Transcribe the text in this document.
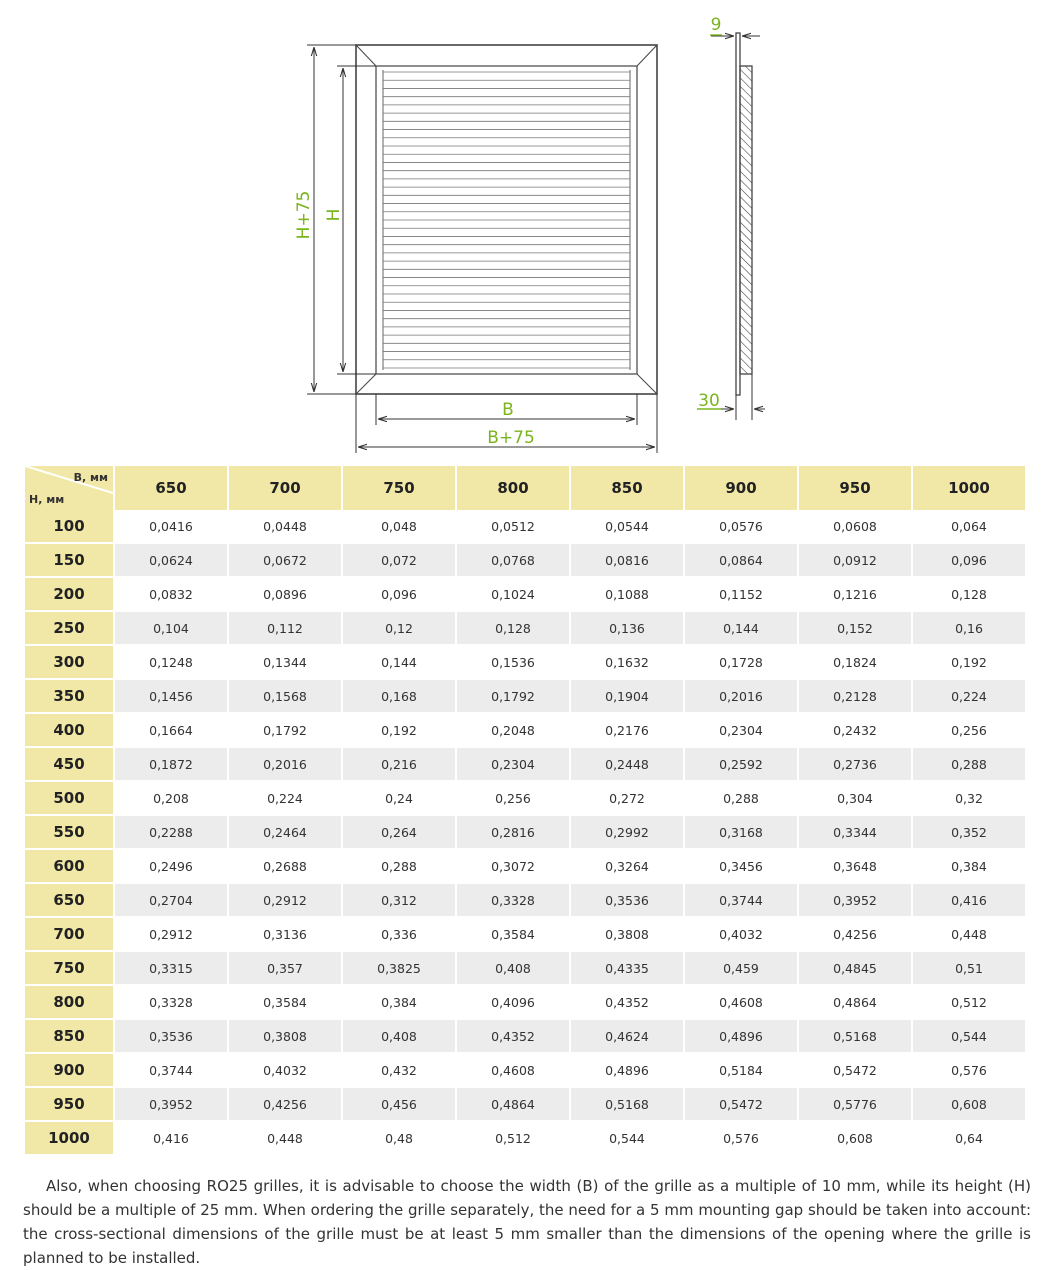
H+75 H
B
B+75
9
30
B, мм
H, мм	650	700	750	800	850	900	950	1000
100	0,0416	0,0448	0,048	0,0512	0,0544	0,0576	0,0608	0,064
150	0,0624	0,0672	0,072	0,0768	0,0816	0,0864	0,0912	0,096
200	0,0832	0,0896	0,096	0,1024	0,1088	0,1152	0,1216	0,128
250	0,104	0,112	0,12	0,128	0,136	0,144	0,152	0,16
300	0,1248	0,1344	0,144	0,1536	0,1632	0,1728	0,1824	0,192
350	0,1456	0,1568	0,168	0,1792	0,1904	0,2016	0,2128	0,224
400	0,1664	0,1792	0,192	0,2048	0,2176	0,2304	0,2432	0,256
450	0,1872	0,2016	0,216	0,2304	0,2448	0,2592	0,2736	0,288
500	0,208	0,224	0,24	0,256	0,272	0,288	0,304	0,32
550	0,2288	0,2464	0,264	0,2816	0,2992	0,3168	0,3344	0,352
600	0,2496	0,2688	0,288	0,3072	0,3264	0,3456	0,3648	0,384
650	0,2704	0,2912	0,312	0,3328	0,3536	0,3744	0,3952	0,416
700	0,2912	0,3136	0,336	0,3584	0,3808	0,4032	0,4256	0,448
750	0,3315	0,357	0,3825	0,408	0,4335	0,459	0,4845	0,51
800	0,3328	0,3584	0,384	0,4096	0,4352	0,4608	0,4864	0,512
850	0,3536	0,3808	0,408	0,4352	0,4624	0,4896	0,5168	0,544
900	0,3744	0,4032	0,432	0,4608	0,4896	0,5184	0,5472	0,576
950	0,3952	0,4256	0,456	0,4864	0,5168	0,5472	0,5776	0,608
1000	0,416	0,448	0,48	0,512	0,544	0,576	0,608	0,64

Also, when choosing RO25 grilles, it is advisable to choose the width (B) of the grille as a multiple of 10 mm, while its height (H) should be a multiple of 25 mm. When ordering the grille separately, the need for a 5 mm mounting gap should be taken into account: the cross-sectional dimensions of the grille must be at least 5 mm smaller than the dimensions of the opening where the grille is planned to be installed.
